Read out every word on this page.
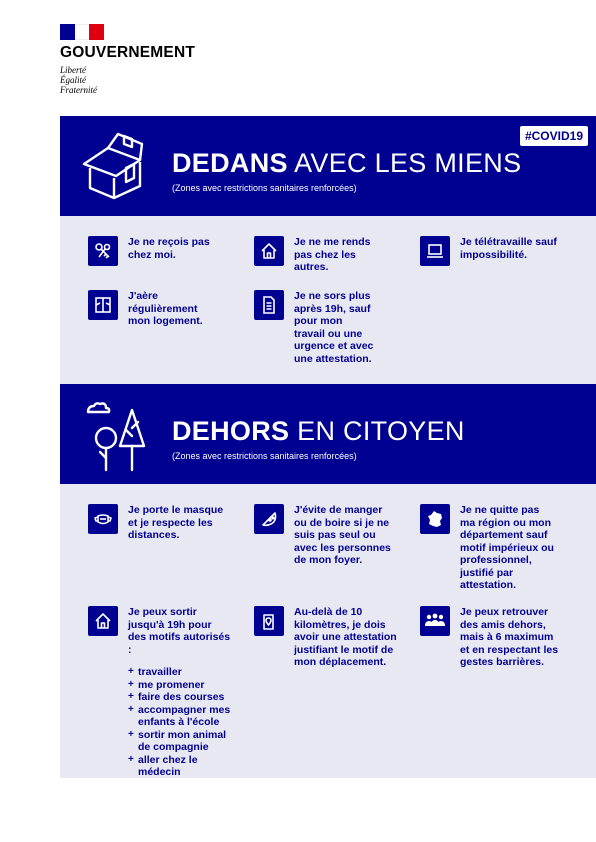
GOUVERNEMENT
Liberté
Égalité
Fraternité
#COVID19
DEDANS AVEC LES MIENS
(Zones avec restrictions sanitaires renforcées)
Je ne reçois pas chez moi.
Je ne me rends pas chez les autres.
Je télétravaille sauf impossibilité.
J'aère régulièrement mon logement.
Je ne sors plus après 19h, sauf pour mon travail ou une urgence et avec une attestation.
DEHORS EN CITOYEN
(Zones avec restrictions sanitaires renforcées)
Je porte le masque et je respecte les distances.
J'évite de manger ou de boire si je ne suis pas seul ou avec les personnes de mon foyer.
Je ne quitte pas ma région ou mon département sauf motif impérieux ou professionnel, justifié par attestation.
Je peux sortir jusqu'à 19h pour des motifs autorisés :
+ travailler
+ me promener
+ faire des courses
+ accompagner mes enfants à l'école
+ sortir mon animal de compagnie
+ aller chez le médecin
Au-delà de 10 kilomètres, je dois avoir une attestation justifiant le motif de mon déplacement.
Je peux retrouver des amis dehors, mais à 6 maximum et en respectant les gestes barrières.
